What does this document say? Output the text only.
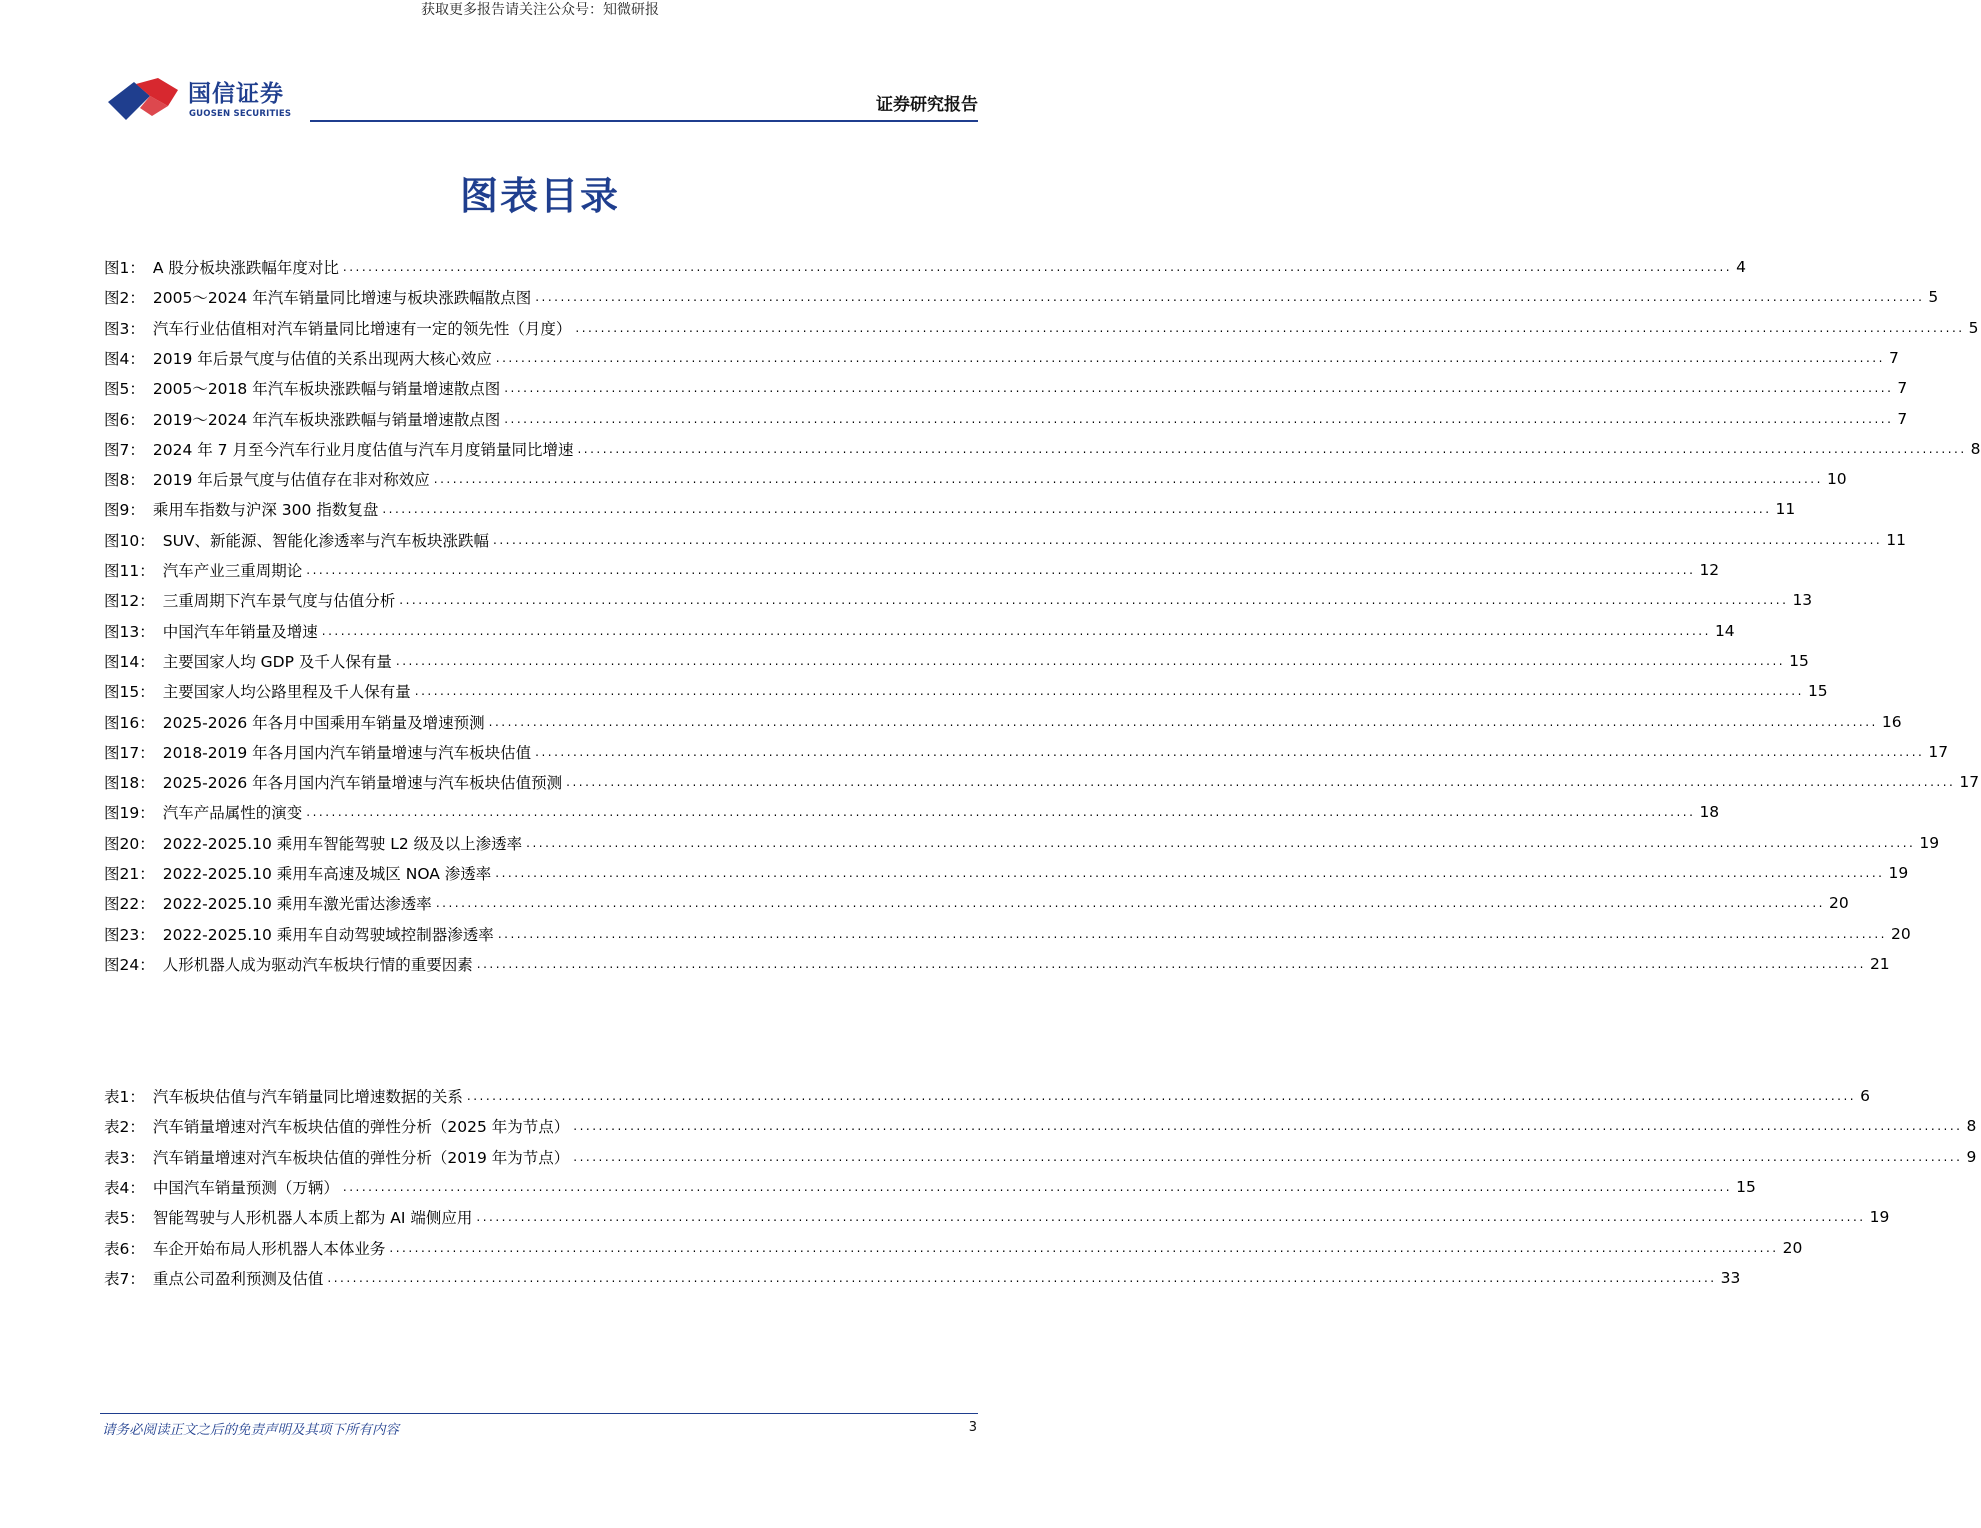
获取更多报告请关注公众号：知微研报
国信证券
GUOSEN SECURITIES	证券研究报告
图表目录
图1： A 股分板块涨跌幅年度对比 ............................................................................................................................................................................................................................ 4
图2： 2005～2024 年汽车销量同比增速与板块涨跌幅散点图 ............................................................................................................................................................................................................................ 5
图3： 汽车行业估值相对汽车销量同比增速有一定的领先性（月度） ............................................................................................................................................................................................................................ 5
图4： 2019 年后景气度与估值的关系出现两大核心效应 ............................................................................................................................................................................................................................ 7
图5： 2005～2018 年汽车板块涨跌幅与销量增速散点图 ............................................................................................................................................................................................................................ 7
图6： 2019～2024 年汽车板块涨跌幅与销量增速散点图 ............................................................................................................................................................................................................................ 7
图7： 2024 年 7 月至今汽车行业月度估值与汽车月度销量同比增速 ............................................................................................................................................................................................................................ 8
图8： 2019 年后景气度与估值存在非对称效应 ............................................................................................................................................................................................................................ 10
图9： 乘用车指数与沪深 300 指数复盘 ............................................................................................................................................................................................................................ 11
图10： SUV、新能源、智能化渗透率与汽车板块涨跌幅 ............................................................................................................................................................................................................................ 11
图11： 汽车产业三重周期论 ............................................................................................................................................................................................................................ 12
图12： 三重周期下汽车景气度与估值分析 ............................................................................................................................................................................................................................ 13
图13： 中国汽车年销量及增速 ............................................................................................................................................................................................................................ 14
图14： 主要国家人均 GDP 及千人保有量 ............................................................................................................................................................................................................................ 15
图15： 主要国家人均公路里程及千人保有量 ............................................................................................................................................................................................................................ 15
图16： 2025-2026 年各月中国乘用车销量及增速预测 ............................................................................................................................................................................................................................ 16
图17： 2018-2019 年各月国内汽车销量增速与汽车板块估值 ............................................................................................................................................................................................................................ 17
图18： 2025-2026 年各月国内汽车销量增速与汽车板块估值预测 ............................................................................................................................................................................................................................ 17
图19： 汽车产品属性的演变 ............................................................................................................................................................................................................................ 18
图20： 2022-2025.10 乘用车智能驾驶 L2 级及以上渗透率 ............................................................................................................................................................................................................................ 19
图21： 2022-2025.10 乘用车高速及城区 NOA 渗透率 ............................................................................................................................................................................................................................ 19
图22： 2022-2025.10 乘用车激光雷达渗透率 ............................................................................................................................................................................................................................ 20
图23： 2022-2025.10 乘用车自动驾驶域控制器渗透率 ............................................................................................................................................................................................................................ 20
图24： 人形机器人成为驱动汽车板块行情的重要因素 ............................................................................................................................................................................................................................ 21
表1： 汽车板块估值与汽车销量同比增速数据的关系 ............................................................................................................................................................................................................................ 6
表2： 汽车销量增速对汽车板块估值的弹性分析（2025 年为节点） ............................................................................................................................................................................................................................ 8
表3： 汽车销量增速对汽车板块估值的弹性分析（2019 年为节点） ............................................................................................................................................................................................................................ 9
表4： 中国汽车销量预测（万辆） ............................................................................................................................................................................................................................ 15
表5： 智能驾驶与人形机器人本质上都为 AI 端侧应用 ............................................................................................................................................................................................................................ 19
表6： 车企开始布局人形机器人本体业务 ............................................................................................................................................................................................................................ 20
表7： 重点公司盈利预测及估值 ............................................................................................................................................................................................................................ 33
请务必阅读正文之后的免责声明及其项下所有内容	3
